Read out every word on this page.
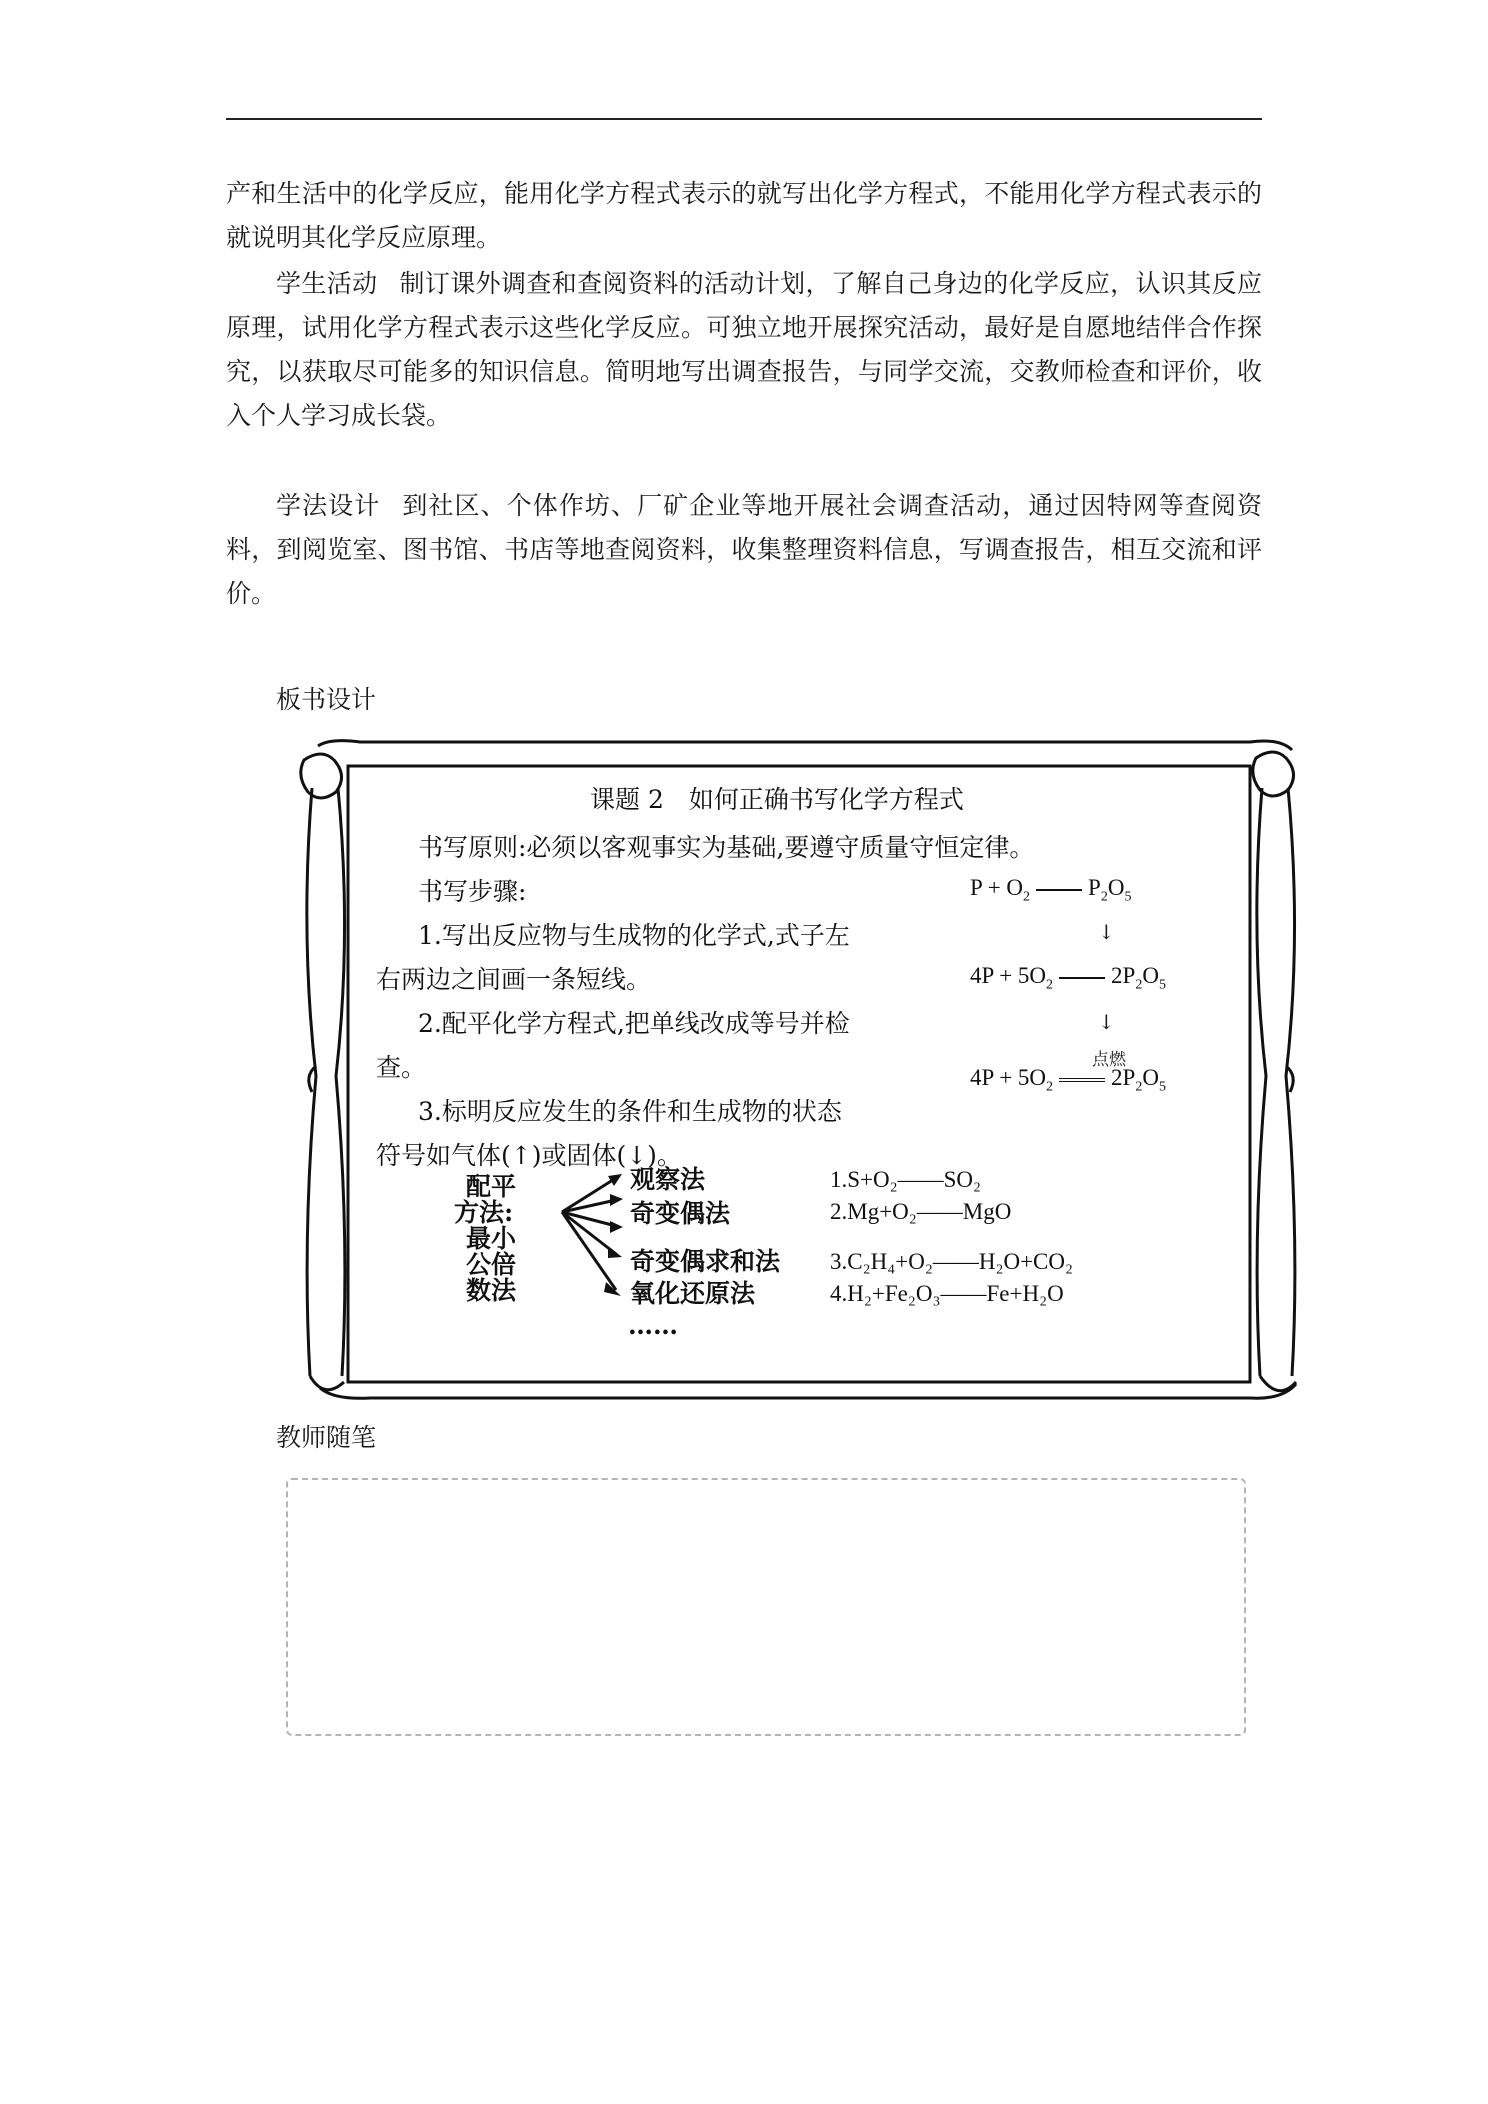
产和生活中的化学反应，能用化学方程式表示的就写出化学方程式，不能用化学方程式表示的就说明其化学反应原理。

学生活动 制订课外调查和查阅资料的活动计划，了解自己身边的化学反应，认识其反应原理，试用化学方程式表示这些化学反应。可独立地开展探究活动，最好是自愿地结伴合作探究，以获取尽可能多的知识信息。简明地写出调查报告，与同学交流，交教师检查和评价，收入个人学习成长袋。

学法设计 到社区、个体作坊、厂矿企业等地开展社会调查活动，通过因特网等查阅资料，到阅览室、图书馆、书店等地查阅资料，收集整理资料信息，写调查报告，相互交流和评价。

板书设计
课题 2　如何正确书写化学方程式
书写原则:必须以客观事实为基础,要遵守质量守恒定律。
书写步骤:
1.写出反应物与生成物的化学式,式子左
右两边之间画一条短线。
2.配平化学方程式,把单线改成等号并检
查。
3.标明反应发生的条件和生成物的状态
符号如气体(↑)或固体(↓)。
$P + O_2$	$P_2O_5$
↓
$4P + 5O_2$	$2P_2O_5$
↓
点燃
$4P + 5O_2$	$2P_2O_5$
配平
方法:
最小
公倍
数法
观察法
奇变偶法
奇变偶求和法
氧化还原法
……
1.S+O₂——SO₂
2.Mg+O₂——MgO
3.C₂H₄+O₂——H₂O+CO₂
4.H₂+Fe₂O₃——Fe+H₂O
教师随笔
